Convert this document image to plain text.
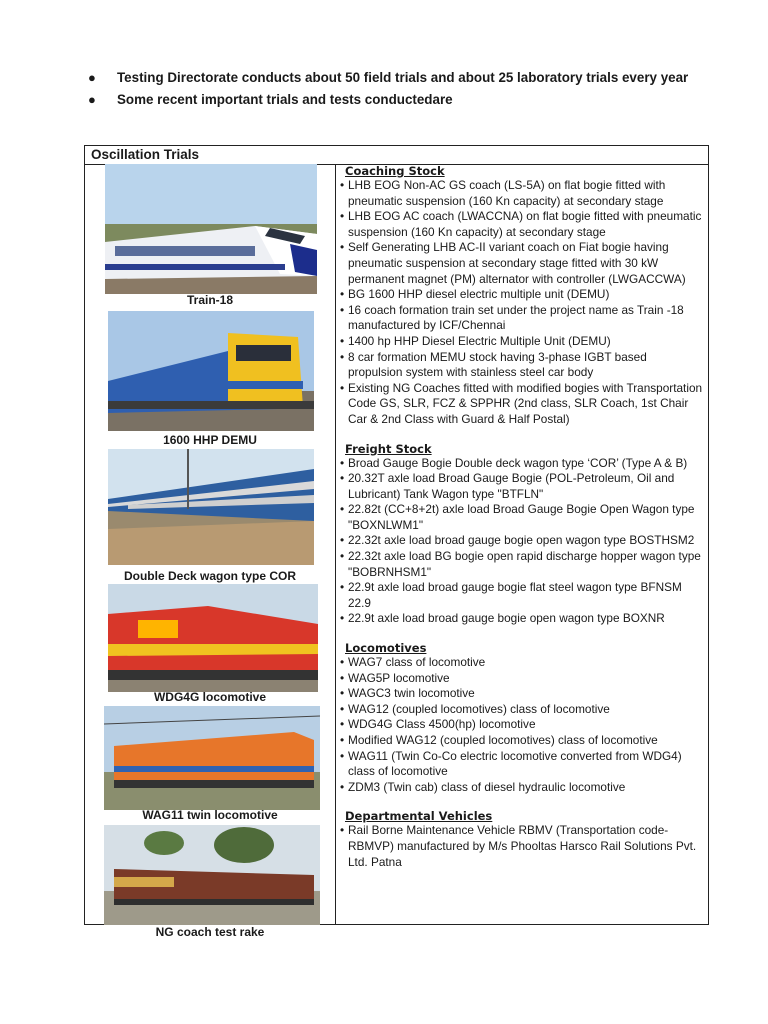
● Testing Directorate conducts about 50 field trials and about 25 laboratory trials every year
● Some recent important trials and tests conductedare
Oscillation Trials
Train-18
1600 HHP DEMU
Double Deck wagon type COR
WDG4G locomotive
WAG11 twin locomotive
NG coach test rake

Coaching Stock

• LHB EOG Non-AC GS coach (LS-5A) on flat bogie fitted with pneumatic suspension (160 Kn capacity) at secondary stage
• LHB EOG AC coach (LWACCNA) on flat bogie fitted with pneumatic suspension (160 Kn capacity) at secondary stage
• Self Generating LHB AC-II variant coach on Fiat bogie having pneumatic suspension at secondary stage fitted with 30 kW permanent magnet (PM) alternator with controller (LWGACCWA)
• BG 1600 HHP diesel electric multiple unit (DEMU)
• 16 coach formation train set under the project name as Train -18 manufactured by ICF/Chennai
• 1400 hp HHP Diesel Electric Multiple Unit (DEMU)
• 8 car formation MEMU stock having 3-phase IGBT based propulsion system with stainless steel car body
• Existing NG Coaches fitted with modified bogies with Transportation Code GS, SLR, FCZ & SPPHR (2nd class, SLR Coach, 1st Chair Car & 2nd Class with Guard & Half Postal)

Freight Stock

• Broad Gauge Bogie Double deck wagon type ‘COR’ (Type A & B)
• 20.32T axle load Broad Gauge Bogie (POL-Petroleum, Oil and Lubricant) Tank Wagon type "BTFLN"
• 22.82t (CC+8+2t) axle load Broad Gauge Bogie Open Wagon type "BOXNLWM1"
• 22.32t axle load broad gauge bogie open wagon type BOSTHSM2
• 22.32t axle load BG bogie open rapid discharge hopper wagon type "BOBRNHSM1"
• 22.9t axle load broad gauge bogie flat steel wagon type BFNSM 22.9
• 22.9t axle load broad gauge bogie open wagon type BOXNR

Locomotives

• WAG7 class of locomotive
• WAG5P locomotive
• WAGC3 twin locomotive
• WAG12 (coupled locomotives) class of locomotive
• WDG4G Class 4500(hp) locomotive
• Modified WAG12 (coupled locomotives) class of locomotive
• WAG11 (Twin Co-Co electric locomotive converted from WDG4) class of locomotive
• ZDM3 (Twin cab) class of diesel hydraulic locomotive

Departmental Vehicles

• Rail Borne Maintenance Vehicle RBMV (Transportation code-RBMVP) manufactured by M/s Phooltas Harsco Rail Solutions Pvt. Ltd. Patna
